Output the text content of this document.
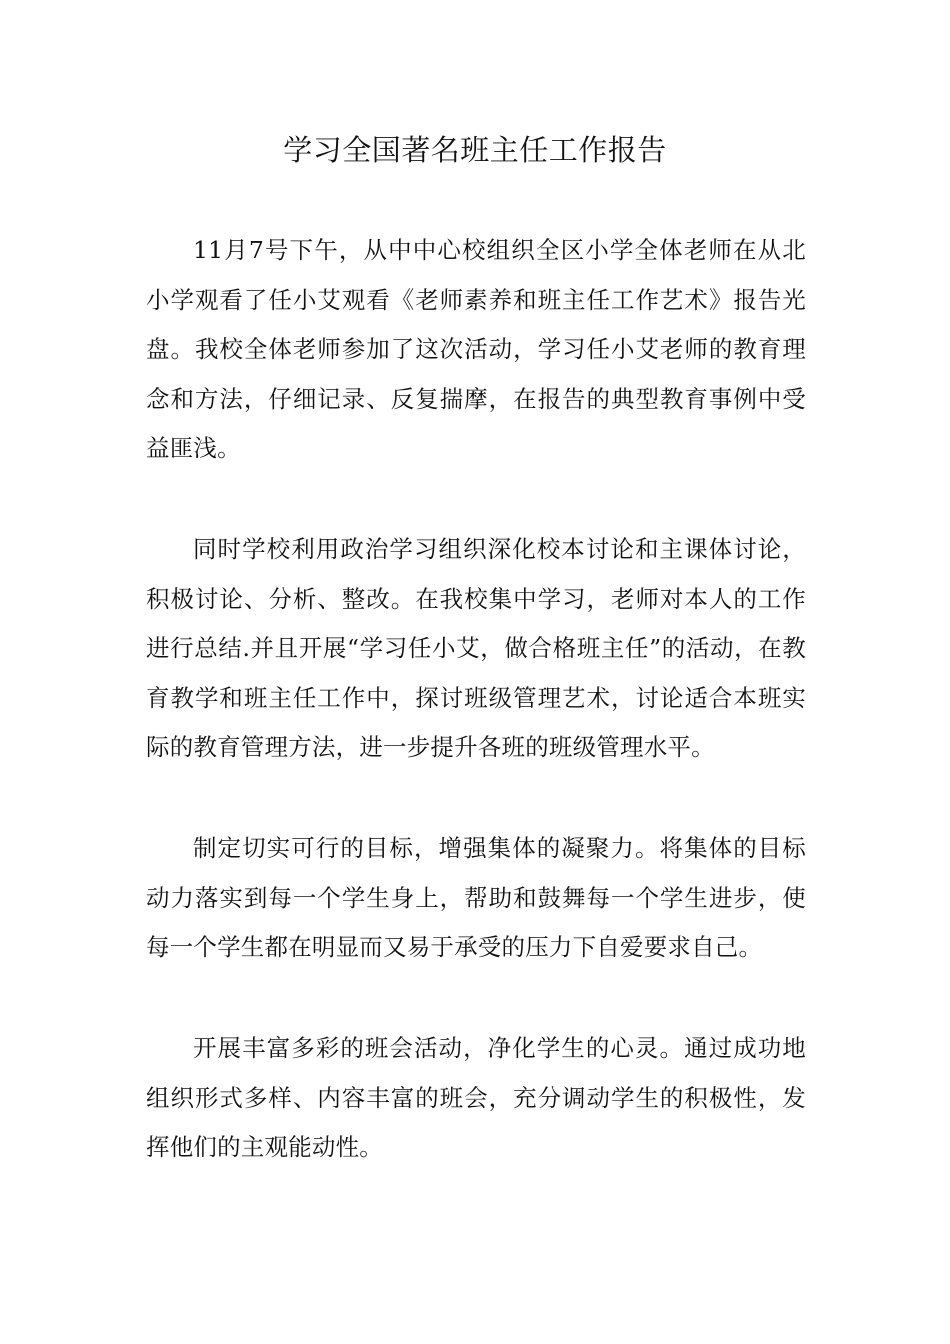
学习全国著名班主任工作报告

11月7号下午，从中中心校组织全区小学全体老师在从北小学观看了任小艾观看《老师素养和班主任工作艺术》报告光盘。我校全体老师参加了这次活动，学习任小艾老师的教育理念和方法，仔细记录、反复揣摩，在报告的典型教育事例中受益匪浅。

同时学校利用政治学习组织深化校本讨论和主课体讨论，积极讨论、分析、整改。在我校集中学习，老师对本人的工作进行总结.并且开展“学习任小艾，做合格班主任”的活动，在教育教学和班主任工作中，探讨班级管理艺术，讨论适合本班实际的教育管理方法，进一步提升各班的班级管理水平。

制定切实可行的目标，增强集体的凝聚力。将集体的目标动力落实到每一个学生身上，帮助和鼓舞每一个学生进步，使每一个学生都在明显而又易于承受的压力下自爱要求自己。

开展丰富多彩的班会活动，净化学生的心灵。通过成功地组织形式多样、内容丰富的班会，充分调动学生的积极性，发挥他们的主观能动性。
